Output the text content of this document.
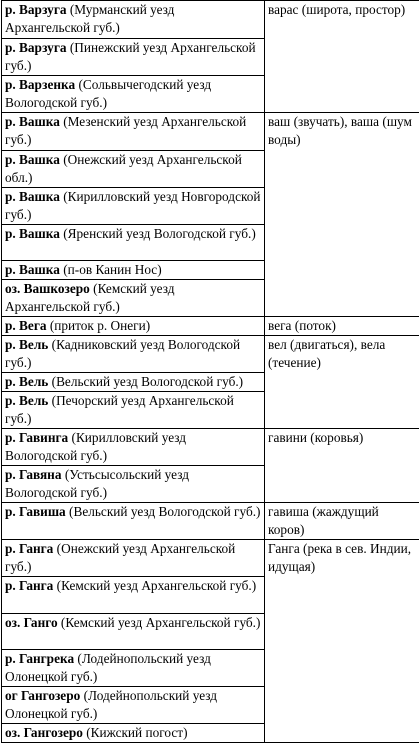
р. Варзуга (Мурманский уезд Архангельской губ.)	варас (широта, простор)
р. Варзуга (Пинежский уезд Архангельской губ.)	
р. Варзенка (Сольвычегодский уезд Вологодской губ.)	
р. Вашка (Мезенский уезд Архангельской губ.)	ваш (звучать), ваша (шум воды)
р. Вашка (Онежский уезд Архангельской обл.)	
р. Вашка (Кирилловский уезд Новгородской губ.)	
р. Вашка (Яренский уезд Вологодской губ.)	
р. Вашка (п-ов Канин Нос)	
оз. Вашкозеро (Кемский уезд Архангельской губ.)	
р. Вега (приток р. Онеги)	вега (поток)
р. Вель (Кадниковский уезд Вологодской губ.)	вел (двигаться), вела (течение)
р. Вель (Вельский уезд Вологодской губ.)	
р. Вель (Печорский уезд Архангельской губ.)	
р. Гавинга (Кирилловский уезд Вологодской губ.)	гавини (коровья)
р. Гавяна (Устьсысольский уезд Вологодской губ.)	
р. Гавиша (Вельский уезд Вологодской губ.)	гавиша (жаждущий коров)
р. Ганга (Онежский уезд Архангельской губ.)	Ганга (река в сев. Индии, идущая)
р. Ганга (Кемский уезд Архангельской губ.)	
оз. Ганго (Кемский уезд Архангельской губ.)	
р. Гангрека (Лодейнопольский уезд Олонецкой губ.)	
ог Гангозеро (Лодейнопольский уезд Олонецкой губ.)	
оз. Гангозеро (Кижский погост)	
